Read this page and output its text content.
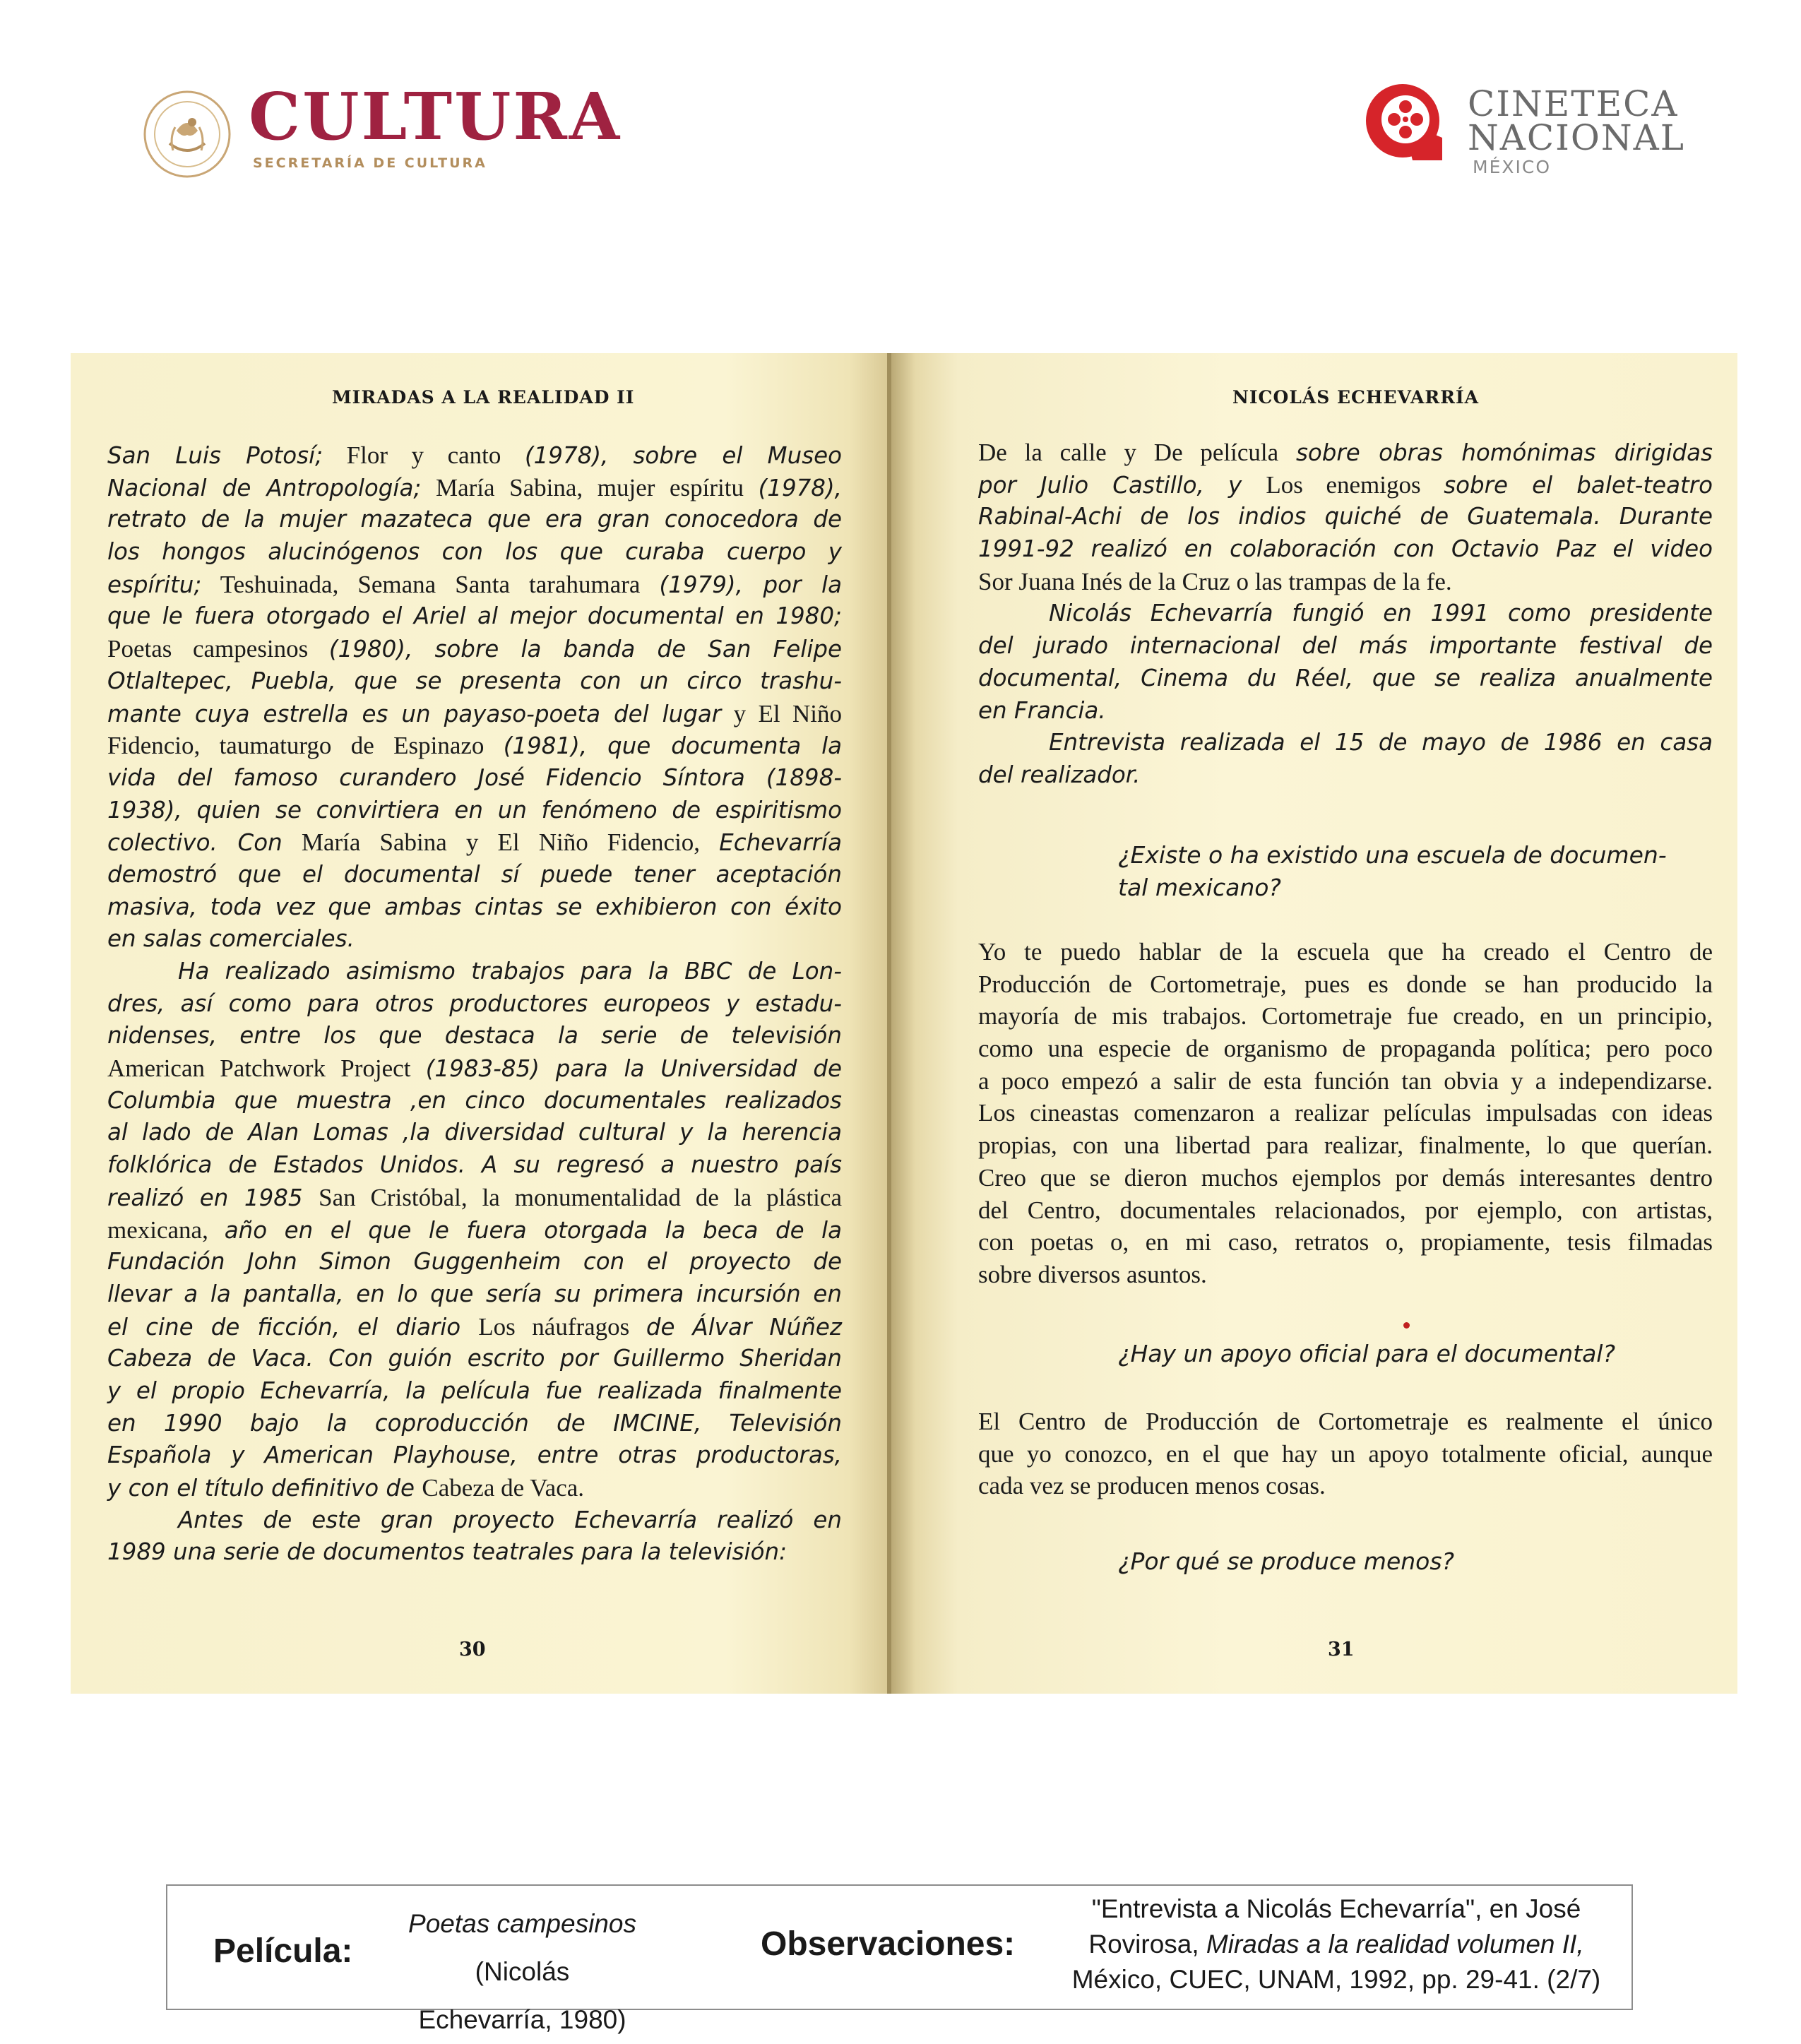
CULTURA
SECRETARÍA DE CULTURA
CINETECA
NACIONAL
MÉXICO
MIRADAS A LA REALIDAD II	NICOLÁS ECHEVARRÍA
San Luis Potosí; Flor y canto (1978), sobre el Museo
Nacional de Antropología; María Sabina, mujer espíritu (1978),
retrato de la mujer mazateca que era gran conocedora de
los hongos alucinógenos con los que curaba cuerpo y
espíritu; Teshuinada, Semana Santa tarahumara (1979), por la
que le fuera otorgado el Ariel al mejor documental en 1980;
Poetas campesinos (1980), sobre la banda de San Felipe
Otlaltepec, Puebla, que se presenta con un circo trashu-
mante cuya estrella es un payaso-poeta del lugar y El Niño
Fidencio, taumaturgo de Espinazo (1981), que documenta la
vida del famoso curandero José Fidencio Síntora (1898-
1938), quien se convirtiera en un fenómeno de espiritismo
colectivo. Con María Sabina y El Niño Fidencio, Echevarría
demostró que el documental sí puede tener aceptación
masiva, toda vez que ambas cintas se exhibieron con éxito
en salas comerciales.
Ha realizado asimismo trabajos para la BBC de Lon-
dres, así como para otros productores europeos y estadu-
nidenses, entre los que destaca la serie de televisión
American Patchwork Project (1983-85) para la Universidad de
Columbia que muestra ,en cinco documentales realizados
al lado de Alan Lomas ,la diversidad cultural y la herencia
folklórica de Estados Unidos. A su regresó a nuestro país
realizó en 1985 San Cristóbal, la monumentalidad de la plástica
mexicana, año en el que le fuera otorgada la beca de la
Fundación John Simon Guggenheim con el proyecto de
llevar a la pantalla, en lo que sería su primera incursión en
el cine de ficción, el diario Los náufragos de Álvar Núñez
Cabeza de Vaca. Con guión escrito por Guillermo Sheridan
y el propio Echevarría, la película fue realizada finalmente
en 1990 bajo la coproducción de IMCINE, Televisión
Española y American Playhouse, entre otras productoras,
y con el título definitivo de Cabeza de Vaca.
Antes de este gran proyecto Echevarría realizó en
1989 una serie de documentos teatrales para la televisión:
De la calle y De película sobre obras homónimas dirigidas
por Julio Castillo, y Los enemigos sobre el balet-teatro
Rabinal-Achi de los indios quiché de Guatemala. Durante
1991-92 realizó en colaboración con Octavio Paz el video
Sor Juana Inés de la Cruz o las trampas de la fe.
Nicolás Echevarría fungió en 1991 como presidente
del jurado internacional del más importante festival de
documental, Cinema du Réel, que se realiza anualmente
en Francia.
Entrevista realizada el 15 de mayo de 1986 en casa
del realizador.
¿Existe o ha existido una escuela de documen-
tal mexicano?
Yo te puedo hablar de la escuela que ha creado el Centro de
Producción de Cortometraje, pues es donde se han producido la
mayoría de mis trabajos. Cortometraje fue creado, en un principio,
como una especie de organismo de propaganda política; pero poco
a poco empezó a salir de esta función tan obvia y a independizarse.
Los cineastas comenzaron a realizar películas impulsadas con ideas
propias, con una libertad para realizar, finalmente, lo que querían.
Creo que se dieron muchos ejemplos por demás interesantes dentro
del Centro, documentales relacionados, por ejemplo, con artistas,
con poetas o, en mi caso, retratos o, propiamente, tesis filmadas
sobre diversos asuntos.
¿Hay un apoyo oficial para el documental?
El Centro de Producción de Cortometraje es realmente el único
que yo conozco, en el que hay un apoyo totalmente oficial, aunque
cada vez se producen menos cosas.
¿Por qué se produce menos?
30	31
Película:
Poetas campesinos (Nicolás
Echevarría, 1980)
Observaciones:
"Entrevista a Nicolás Echevarría", en José
Rovirosa, Miradas a la realidad volumen II,
México, CUEC, UNAM, 1992, pp. 29-41. (2/7)
